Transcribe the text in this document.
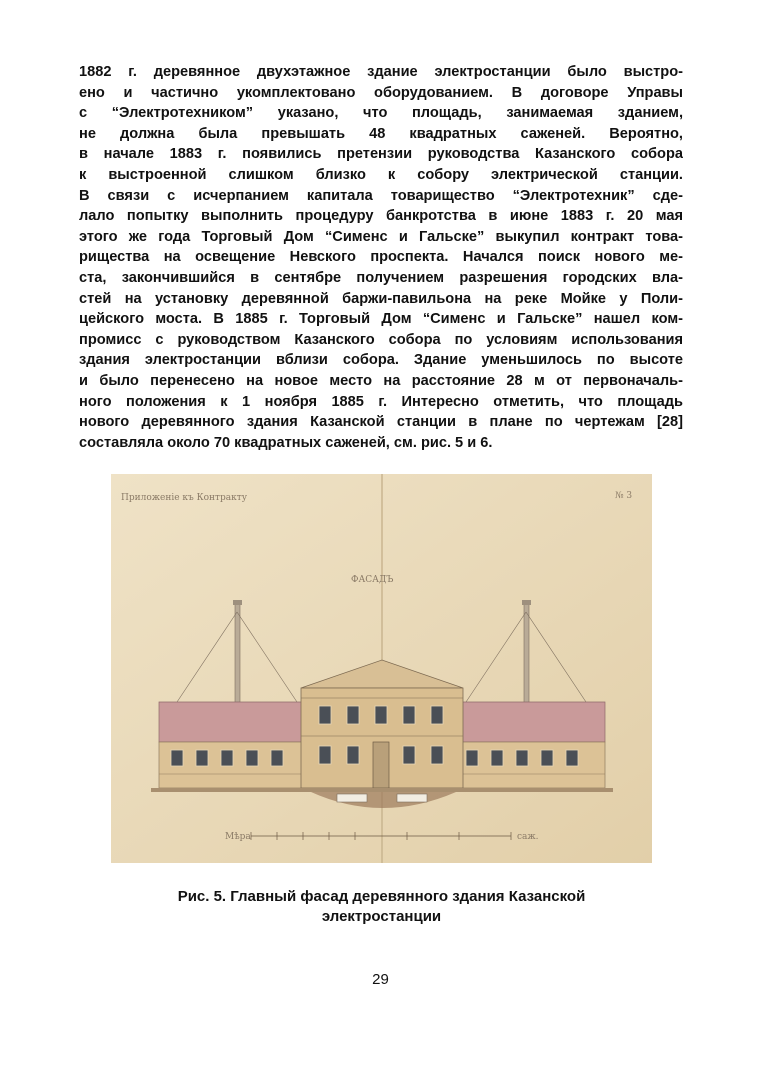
1882 г. деревянное двухэтажное здание электростанции было выстро-
ено и частично укомплектовано оборудованием. В договоре Управы
с “Электротехником” указано, что площадь, занимаемая зданием,
не должна была превышать 48 квадратных саженей. Вероятно,
в начале 1883 г. появились претензии руководства Казанского собора
к выстроенной слишком близко к собору электрической станции.
В связи с исчерпанием капитала товарищество “Электротехник” сде-
лало попытку выполнить процедуру банкротства в июне 1883 г. 20 мая
этого же года Торговый Дом “Сименс и Гальске” выкупил контракт това-
рищества на освещение Невского проспекта. Начался поиск нового ме-
ста, закончившийся в сентябре получением разрешения городских вла-
стей на установку деревянной баржи-павильона на реке Мойке у Поли-
цейского моста. В 1885 г. Торговый Дом “Сименс и Гальске” нашел ком-
промисс с руководством Казанского собора по условиям использования
здания электростанции вблизи собора. Здание уменьшилось по высоте
и было перенесено на новое место на расстояние 28 м от первоначаль-
ного положения к 1 ноября 1885 г. Интересно отметить, что площадь
нового деревянного здания Казанской станции в плане по чертежам [28]
составляла около 70 квадратных саженей, см. рис. 5 и 6.
Приложенiе къ Контракту	№ 3
ФАСАДЪ
Мѣра	саж.
Рис. 5. Главный фасад деревянного здания Казанской
электростанции
29
